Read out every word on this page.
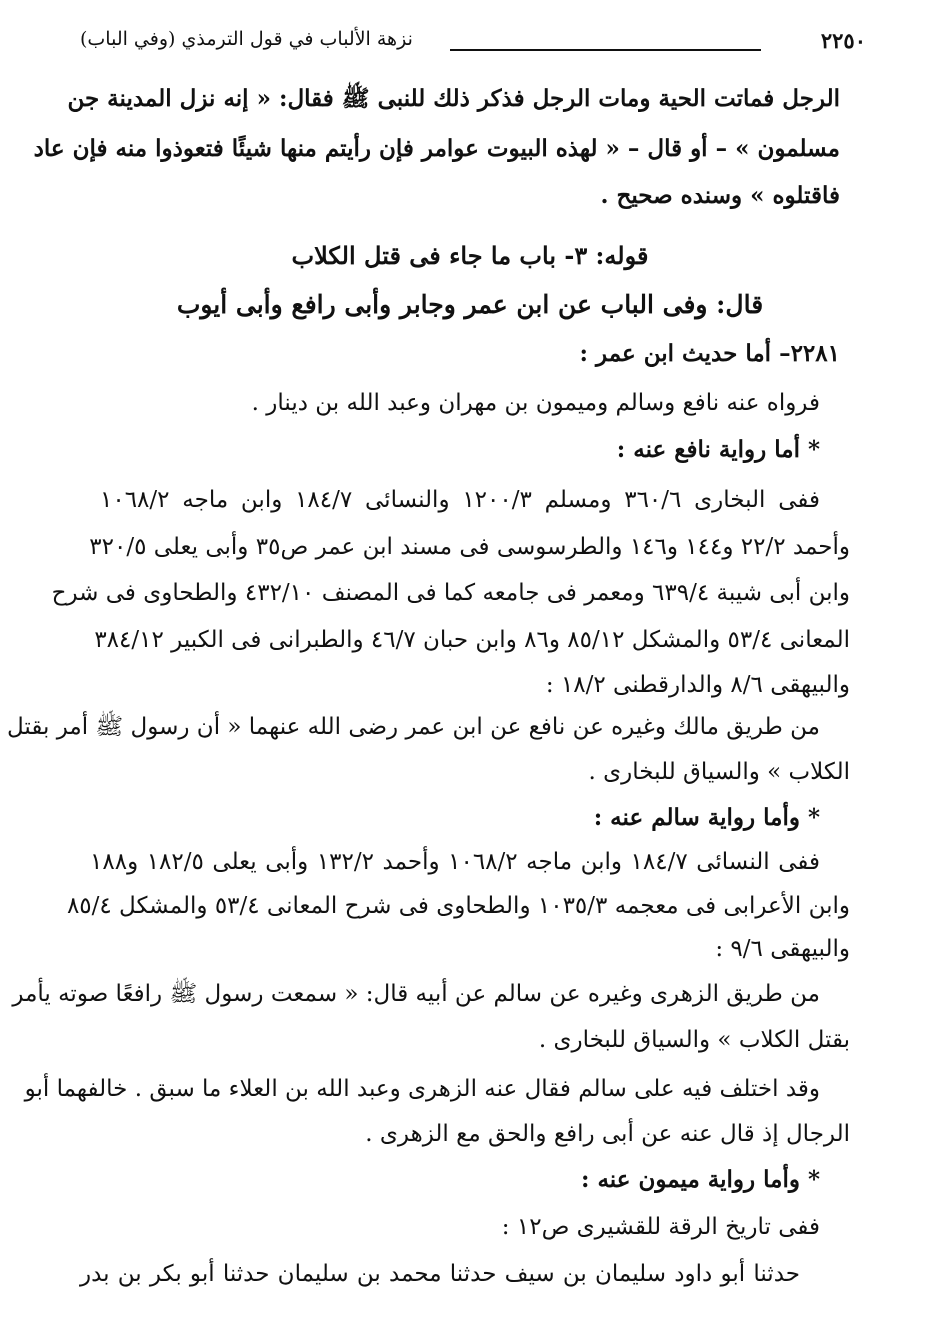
٢٢٥٠
نزهة الألباب في قول الترمذي (وفي الباب)
الرجل فماتت الحية ومات الرجل فذكر ذلك للنبى ﷺ فقال: « إنه نزل المدينة جن
مسلمون » – أو قال – « لهذه البيوت عوامر فإن رأيتم منها شيئًا فتعوذوا منه فإن عاد
فاقتلوه » وسنده صحيح .
قوله: ٣- باب ما جاء فى قتل الكلاب
قال: وفى الباب عن ابن عمر وجابر وأبى رافع وأبى أيوب
٢٢٨١– أما حديث ابن عمر :
فرواه عنه نافع وسالم وميمون بن مهران وعبد الله بن دينار .
* أما رواية نافع عنه :
ففى البخارى ٣٦٠/٦ ومسلم ١٢٠٠/٣ والنسائى ١٨٤/٧ وابن ماجه ١٠٦٨/٢
وأحمد ٢٢/٢ و١٤٤ و١٤٦ والطرسوسى فى مسند ابن عمر ص٣٥ وأبى يعلى ٣٢٠/٥
وابن أبى شيبة ٦٣٩/٤ ومعمر فى جامعه كما فى المصنف ٤٣٢/١٠ والطحاوى فى شرح
المعانى ٥٣/٤ والمشكل ٨٥/١٢ و٨٦ وابن حبان ٤٦/٧ والطبرانى فى الكبير ٣٨٤/١٢
والبيهقى ٨/٦ والدارقطنى ١٨/٢ :
من طريق مالك وغيره عن نافع عن ابن عمر رضى الله عنهما « أن رسول ﷺ أمر بقتل
الكلاب » والسياق للبخارى .
* وأما رواية سالم عنه :
ففى النسائى ١٨٤/٧ وابن ماجه ١٠٦٨/٢ وأحمد ١٣٢/٢ وأبى يعلى ١٨٢/٥ و١٨٨
وابن الأعرابى فى معجمه ١٠٣٥/٣ والطحاوى فى شرح المعانى ٥٣/٤ والمشكل ٨٥/٤
والبيهقى ٩/٦ :
من طريق الزهرى وغيره عن سالم عن أبيه قال: « سمعت رسول ﷺ رافعًا صوته يأمر
بقتل الكلاب » والسياق للبخارى .
وقد اختلف فيه على سالم فقال عنه الزهرى وعبد الله بن العلاء ما سبق . خالفهما أبو
الرجال إذ قال عنه عن أبى رافع والحق مع الزهرى .
* وأما رواية ميمون عنه :
ففى تاريخ الرقة للقشيرى ص١٢ :
حدثنا أبو داود سليمان بن سيف حدثنا محمد بن سليمان حدثنا أبو بكر بن بدر
